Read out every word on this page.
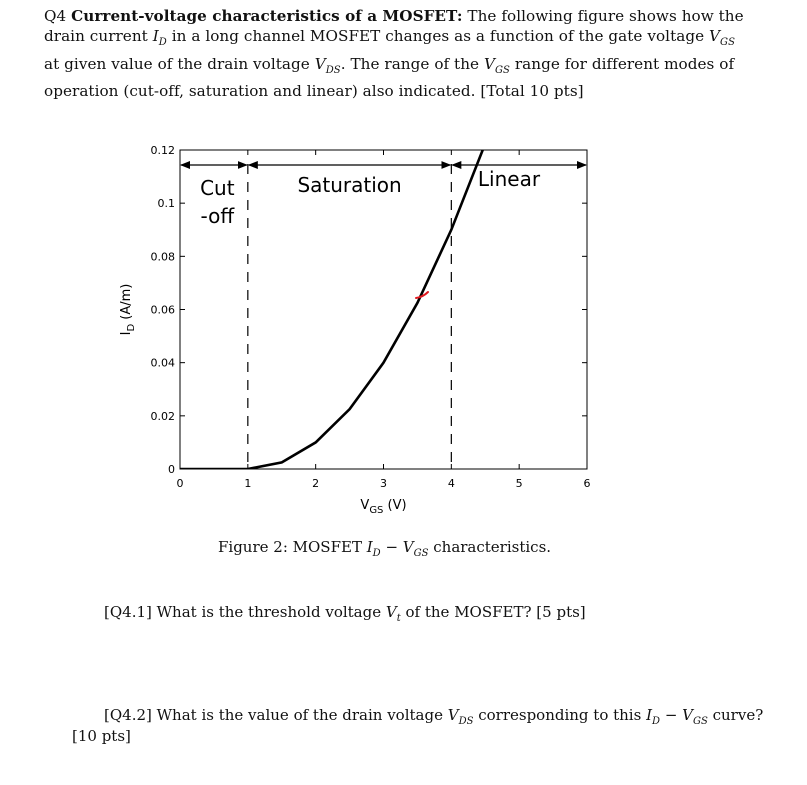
Q4 Current-voltage characteristics of a MOSFET: The following figure shows how the drain current $I_D$ in a long channel MOSFET changes as a function of the gate voltage $V_{GS}$ at given value of the drain voltage $V_{DS}$. The range of the $V_{GS}$ range for different modes of operation (cut-off, saturation and linear) also indicated. [Total 10 pts]
0
0.02
0.04
0.06
0.08
0.1
0.12
0	1	2	3	4	5	6
$V_{GS}$ (V)
$I_D$ (A/m)
Cut
-off
Saturation	Linear
Figure 2: MOSFET $I_D - V_{GS}$ characteristics.
[Q4.1] What is the threshold voltage $V_t$ of the MOSFET? [5 pts]
[Q4.2] What is the value of the drain voltage $V_{DS}$ corresponding to this $I_D - V_{GS}$ curve?
[10 pts]
